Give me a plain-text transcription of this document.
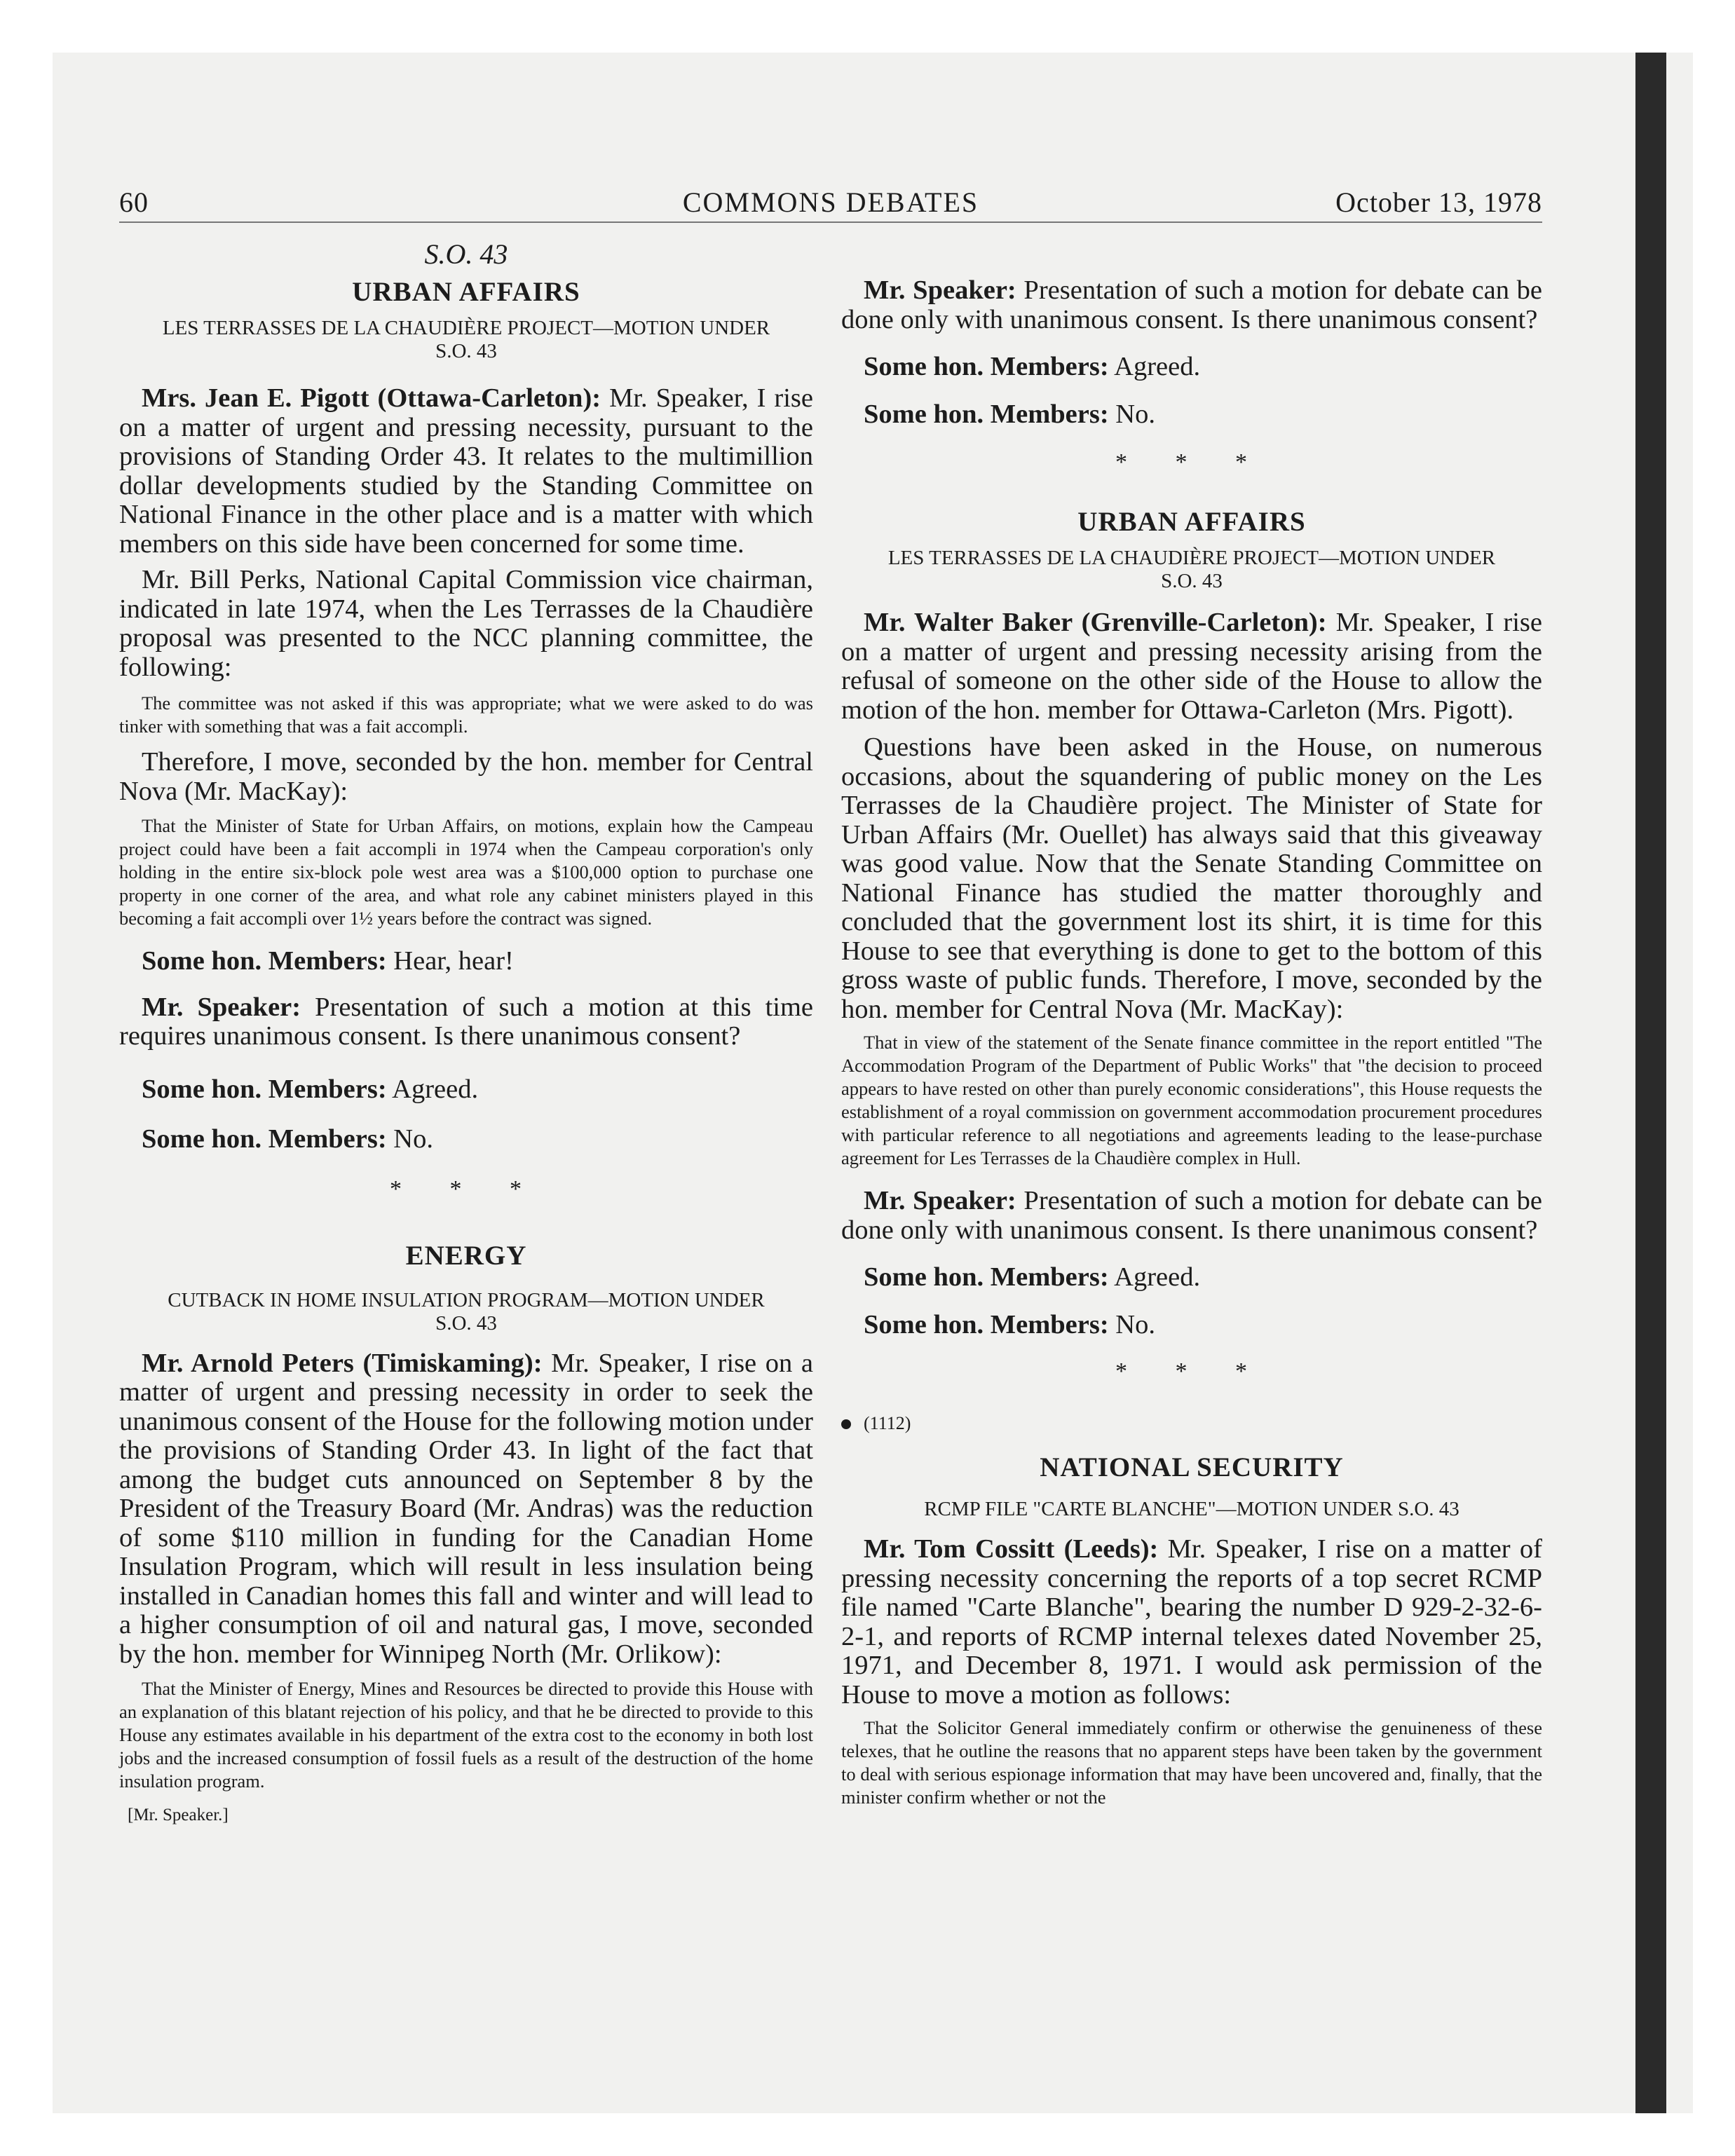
60	COMMONS DEBATES	October 13, 1978
S.O. 43
URBAN AFFAIRS
LES TERRASSES DE LA CHAUDIÈRE PROJECT—MOTION UNDER S.O. 43

Mrs. Jean E. Pigott (Ottawa-Carleton): Mr. Speaker, I rise on a matter of urgent and pressing necessity, pursuant to the provisions of Standing Order 43. It relates to the multimillion dollar developments studied by the Standing Committee on National Finance in the other place and is a matter with which members on this side have been concerned for some time.

Mr. Bill Perks, National Capital Commission vice chairman, indicated in late 1974, when the Les Terrasses de la Chaudière proposal was presented to the NCC planning committee, the following:

The committee was not asked if this was appropriate; what we were asked to do was tinker with something that was a fait accompli.

Therefore, I move, seconded by the hon. member for Central Nova (Mr. MacKay):

That the Minister of State for Urban Affairs, on motions, explain how the Campeau project could have been a fait accompli in 1974 when the Campeau corporation's only holding in the entire six-block pole west area was a $100,000 option to purchase one property in one corner of the area, and what role any cabinet ministers played in this becoming a fait accompli over 1½ years before the contract was signed.

Some hon. Members: Hear, hear!

Mr. Speaker: Presentation of such a motion at this time requires unanimous consent. Is there unanimous consent?

Some hon. Members: Agreed.

Some hon. Members: No.

* * *
ENERGY
CUTBACK IN HOME INSULATION PROGRAM—MOTION UNDER S.O. 43

Mr. Arnold Peters (Timiskaming): Mr. Speaker, I rise on a matter of urgent and pressing necessity in order to seek the unanimous consent of the House for the following motion under the provisions of Standing Order 43. In light of the fact that among the budget cuts announced on September 8 by the President of the Treasury Board (Mr. Andras) was the reduction of some $110 million in funding for the Canadian Home Insulation Program, which will result in less insulation being installed in Canadian homes this fall and winter and will lead to a higher consumption of oil and natural gas, I move, seconded by the hon. member for Winnipeg North (Mr. Orlikow):

That the Minister of Energy, Mines and Resources be directed to provide this House with an explanation of this blatant rejection of his policy, and that he be directed to provide to this House any estimates available in his department of the extra cost to the economy in both lost jobs and the increased consumption of fossil fuels as a result of the destruction of the home insulation program.

[Mr. Speaker.]

Mr. Speaker: Presentation of such a motion for debate can be done only with unanimous consent. Is there unanimous consent?

Some hon. Members: Agreed.

Some hon. Members: No.

* * *
URBAN AFFAIRS
LES TERRASSES DE LA CHAUDIÈRE PROJECT—MOTION UNDER S.O. 43

Mr. Walter Baker (Grenville-Carleton): Mr. Speaker, I rise on a matter of urgent and pressing necessity arising from the refusal of someone on the other side of the House to allow the motion of the hon. member for Ottawa-Carleton (Mrs. Pigott).

Questions have been asked in the House, on numerous occasions, about the squandering of public money on the Les Terrasses de la Chaudière project. The Minister of State for Urban Affairs (Mr. Ouellet) has always said that this giveaway was good value. Now that the Senate Standing Committee on National Finance has studied the matter thoroughly and concluded that the government lost its shirt, it is time for this House to see that everything is done to get to the bottom of this gross waste of public funds. Therefore, I move, seconded by the hon. member for Central Nova (Mr. MacKay):

That in view of the statement of the Senate finance committee in the report entitled "The Accommodation Program of the Department of Public Works" that "the decision to proceed appears to have rested on other than purely economic considerations", this House requests the establishment of a royal commission on government accommodation procurement procedures with particular reference to all negotiations and agreements leading to the lease-purchase agreement for Les Terrasses de la Chaudière complex in Hull.

Mr. Speaker: Presentation of such a motion for debate can be done only with unanimous consent. Is there unanimous consent?

Some hon. Members: Agreed.

Some hon. Members: No.

* * *
(1112)
NATIONAL SECURITY
RCMP FILE "CARTE BLANCHE"—MOTION UNDER S.O. 43

Mr. Tom Cossitt (Leeds): Mr. Speaker, I rise on a matter of pressing necessity concerning the reports of a top secret RCMP file named "Carte Blanche", bearing the number D 929-2-32-6-2-1, and reports of RCMP internal telexes dated November 25, 1971, and December 8, 1971. I would ask permission of the House to move a motion as follows:

That the Solicitor General immediately confirm or otherwise the genuineness of these telexes, that he outline the reasons that no apparent steps have been taken by the government to deal with serious espionage information that may have been uncovered and, finally, that the minister confirm whether or not the
